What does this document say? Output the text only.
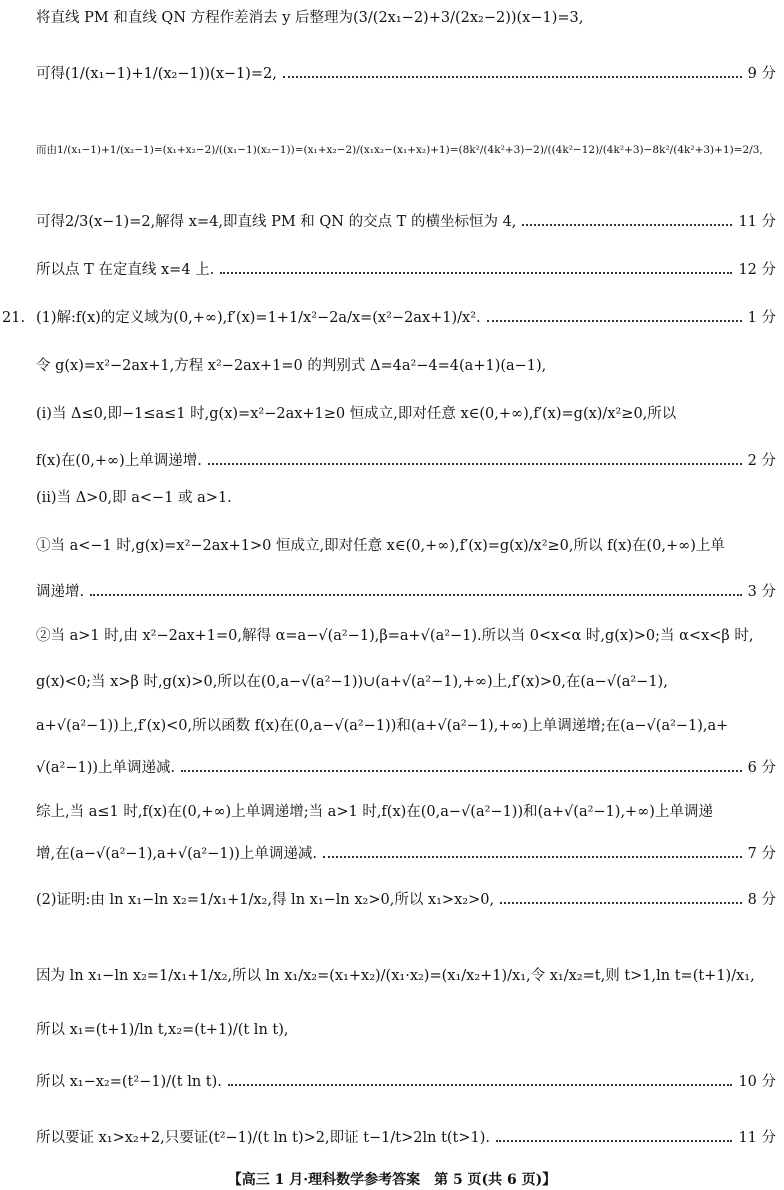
将直线 PM 和直线 QN 方程作差消去 y 后整理为(3/(2x₁−2)+3/(2x₂−2))(x−1)=3,
可得(1/(x₁−1)+1/(x₂−1))(x−1)=2,	9 分
而由1/(x₁−1)+1/(x₂−1)=(x₁+x₂−2)/((x₁−1)(x₂−1))=(x₁+x₂−2)/(x₁x₂−(x₁+x₂)+1)=(8k²/(4k²+3)−2)/((4k²−12)/(4k²+3)−8k²/(4k²+3)+1)=2/3,
可得2/3(x−1)=2,解得 x=4,即直线 PM 和 QN 的交点 T 的横坐标恒为 4,	11 分
所以点 T 在定直线 x=4 上.	12 分
21. (1)解:f(x)的定义域为(0,+∞),f′(x)=1+1/x²−2a/x=(x²−2ax+1)/x².	1 分
令 g(x)=x²−2ax+1,方程 x²−2ax+1=0 的判别式 Δ=4a²−4=4(a+1)(a−1),
(ⅰ)当 Δ≤0,即−1≤a≤1 时,g(x)=x²−2ax+1≥0 恒成立,即对任意 x∈(0,+∞),f′(x)=g(x)/x²≥0,所以
f(x)在(0,+∞)上单调递增.	2 分
(ⅱ)当 Δ>0,即 a<−1 或 a>1.
①当 a<−1 时,g(x)=x²−2ax+1>0 恒成立,即对任意 x∈(0,+∞),f′(x)=g(x)/x²≥0,所以 f(x)在(0,+∞)上单
调递增.	3 分
②当 a>1 时,由 x²−2ax+1=0,解得 α=a−√(a²−1),β=a+√(a²−1).所以当 0<x<α 时,g(x)>0;当 α<x<β 时,
g(x)<0;当 x>β 时,g(x)>0,所以在(0,a−√(a²−1))∪(a+√(a²−1),+∞)上,f′(x)>0,在(a−√(a²−1),
a+√(a²−1))上,f′(x)<0,所以函数 f(x)在(0,a−√(a²−1))和(a+√(a²−1),+∞)上单调递增;在(a−√(a²−1),a+
√(a²−1))上单调递减.	6 分
综上,当 a≤1 时,f(x)在(0,+∞)上单调递增;当 a>1 时,f(x)在(0,a−√(a²−1))和(a+√(a²−1),+∞)上单调递
增,在(a−√(a²−1),a+√(a²−1))上单调递减.	7 分
(2)证明:由 ln x₁−ln x₂=1/x₁+1/x₂,得 ln x₁−ln x₂>0,所以 x₁>x₂>0,	8 分
因为 ln x₁−ln x₂=1/x₁+1/x₂,所以 ln x₁/x₂=(x₁+x₂)/(x₁·x₂)=(x₁/x₂+1)/x₁,令 x₁/x₂=t,则 t>1,ln t=(t+1)/x₁,
所以 x₁=(t+1)/ln t,x₂=(t+1)/(t ln t),
所以 x₁−x₂=(t²−1)/(t ln t).	10 分
所以要证 x₁>x₂+2,只要证(t²−1)/(t ln t)>2,即证 t−1/t>2ln t(t>1).	11 分
【高三 1 月·理科数学参考答案　第 5 页(共 6 页)】
